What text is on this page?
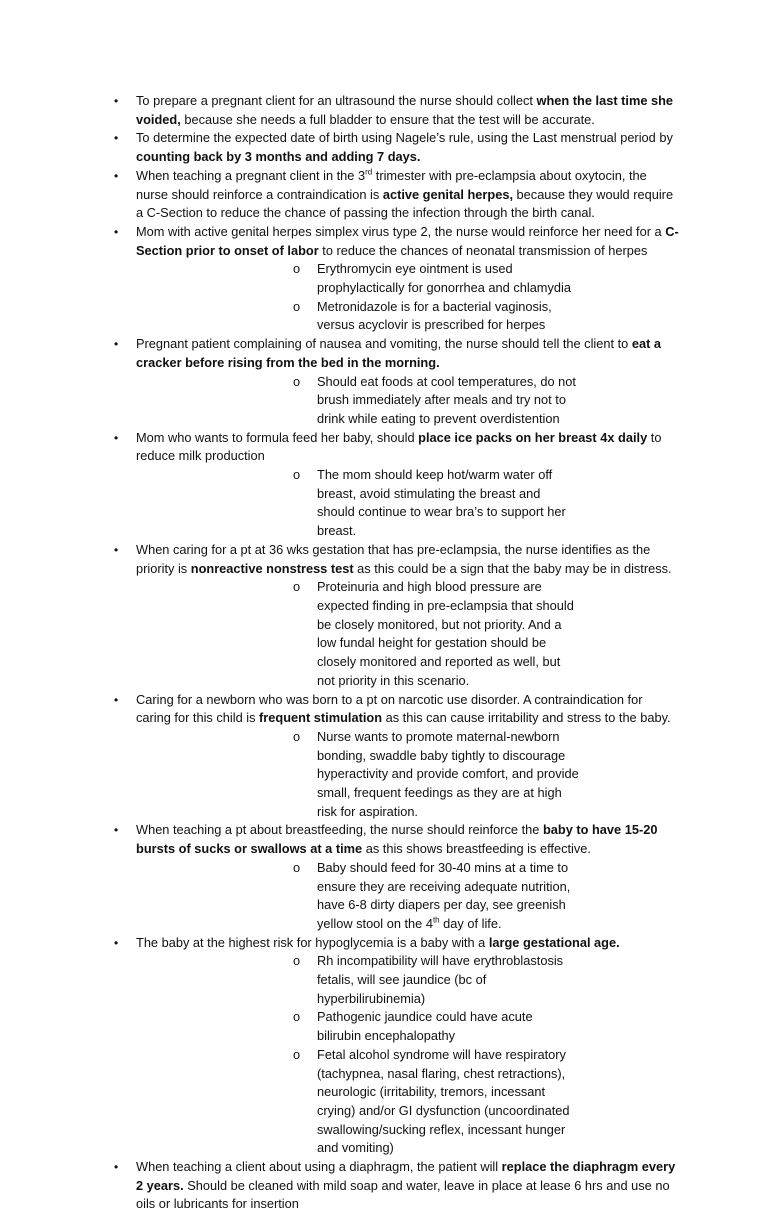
• To prepare a pregnant client for an ultrasound the nurse should collect when the last time she voided, because she needs a full bladder to ensure that the test will be accurate.
• To determine the expected date of birth using Nagele’s rule, using the Last menstrual period by counting back by 3 months and adding 7 days.
• When teaching a pregnant client in the 3rd trimester with pre-eclampsia about oxytocin, the nurse should reinforce a contraindication is active genital herpes, because they would require a C-Section to reduce the chance of passing the infection through the birth canal.
• Mom with active genital herpes simplex virus type 2, the nurse would reinforce her need for a C-Section prior to onset of labor to reduce the chances of neonatal transmission of herpes
o Erythromycin eye ointment is used prophylactically for gonorrhea and chlamydia
o Metronidazole is for a bacterial vaginosis, versus acyclovir is prescribed for herpes
• Pregnant patient complaining of nausea and vomiting, the nurse should tell the client to eat a cracker before rising from the bed in the morning.
o Should eat foods at cool temperatures, do not brush immediately after meals and try not to drink while eating to prevent overdistention
• Mom who wants to formula feed her baby, should place ice packs on her breast 4x daily to reduce milk production
o The mom should keep hot/warm water off breast, avoid stimulating the breast and should continue to wear bra’s to support her breast.
• When caring for a pt at 36 wks gestation that has pre-eclampsia, the nurse identifies as the priority is nonreactive nonstress test as this could be a sign that the baby may be in distress.
o Proteinuria and high blood pressure are expected finding in pre-eclampsia that should be closely monitored, but not priority. And a low fundal height for gestation should be closely monitored and reported as well, but not priority in this scenario.
• Caring for a newborn who was born to a pt on narcotic use disorder. A contraindication for caring for this child is frequent stimulation as this can cause irritability and stress to the baby.
o Nurse wants to promote maternal-newborn bonding, swaddle baby tightly to discourage hyperactivity and provide comfort, and provide small, frequent feedings as they are at high risk for aspiration.
• When teaching a pt about breastfeeding, the nurse should reinforce the baby to have 15-20 bursts of sucks or swallows at a time as this shows breastfeeding is effective.
o Baby should feed for 30-40 mins at a time to ensure they are receiving adequate nutrition, have 6-8 dirty diapers per day, see greenish yellow stool on the 4th day of life.
• The baby at the highest risk for hypoglycemia is a baby with a large gestational age.
o Rh incompatibility will have erythroblastosis fetalis, will see jaundice (bc of hyperbilirubinemia)
o Pathogenic jaundice could have acute bilirubin encephalopathy
o Fetal alcohol syndrome will have respiratory (tachypnea, nasal flaring, chest retractions), neurologic (irritability, tremors, incessant crying) and/or GI dysfunction (uncoordinated swallowing/sucking reflex, incessant hunger and vomiting)
• When teaching a client about using a diaphragm, the patient will replace the diaphragm every 2 years. Should be cleaned with mild soap and water, leave in place at lease 6 hrs and use no oils or lubricants for insertion
